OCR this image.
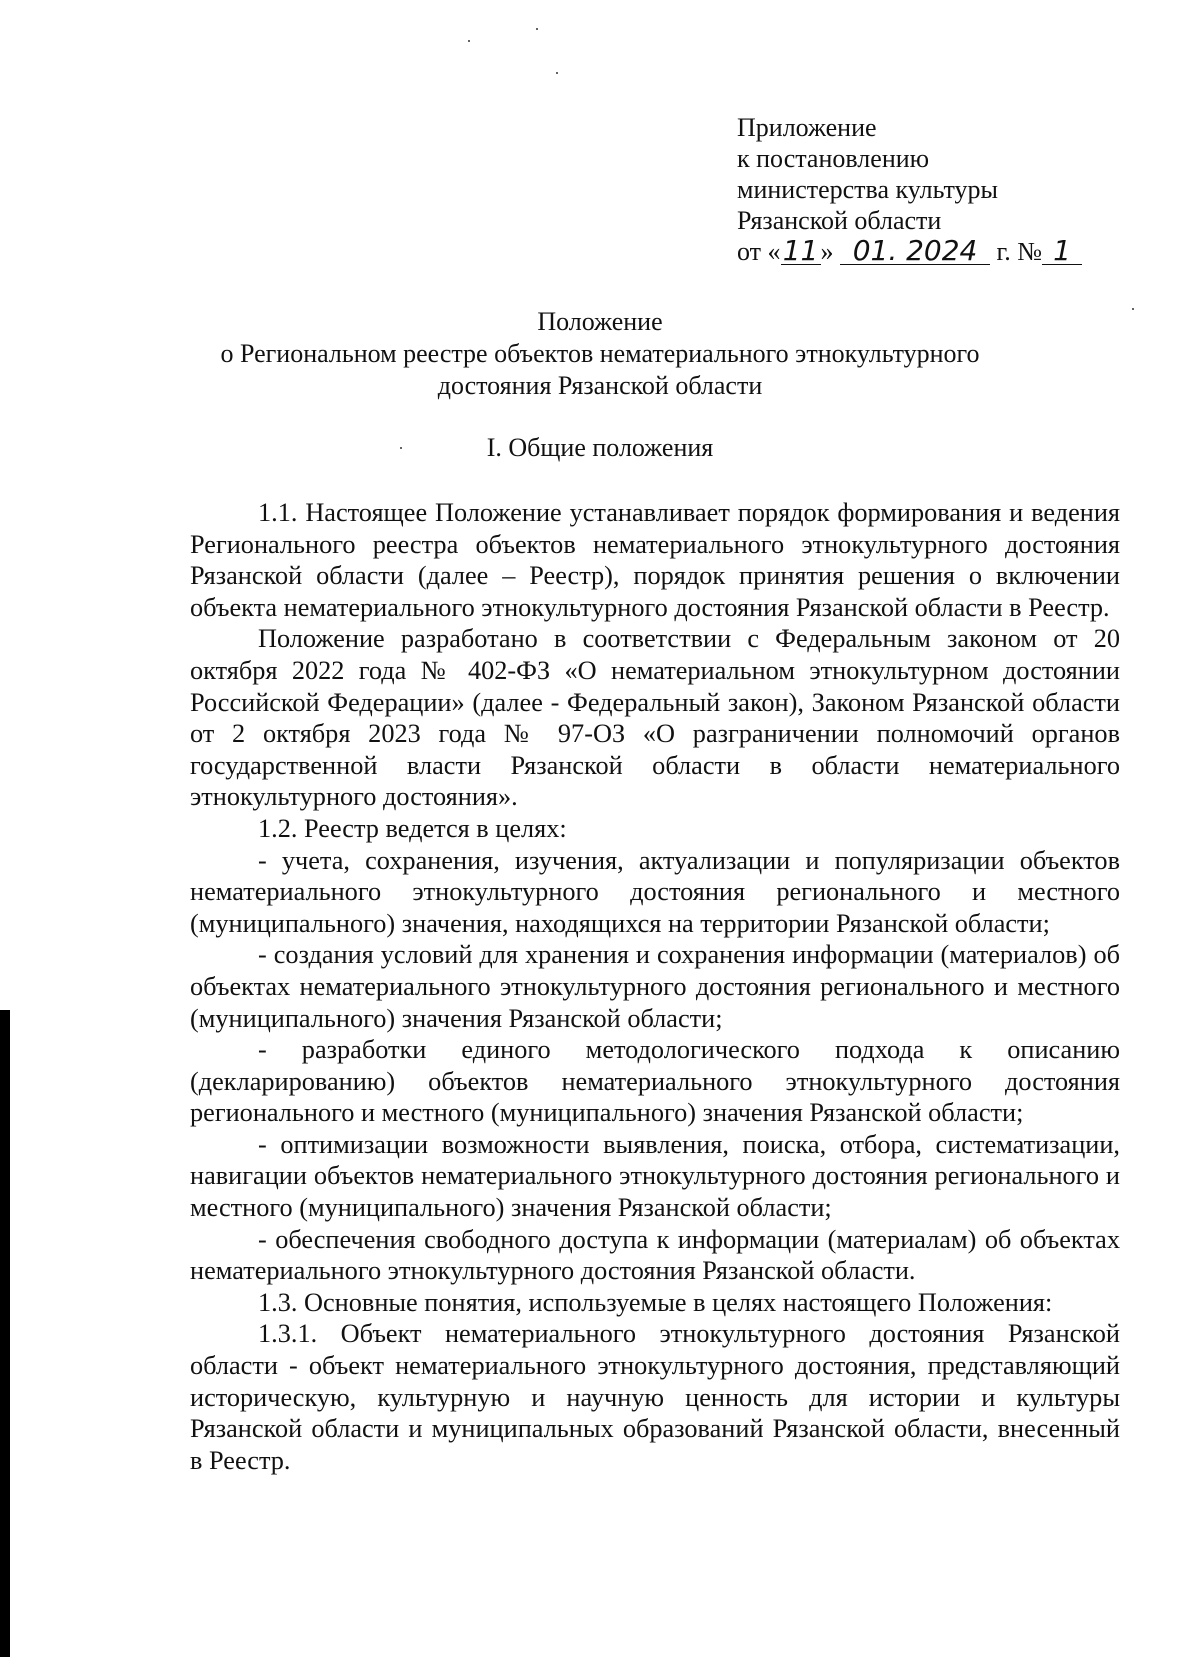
Приложение
к постановлению
министерства культуры
Рязанской области
от «11» 01. 2024 г. № 1
Положение
о Региональном реестре объектов нематериального этнокультурного
достояния Рязанской области
I. Общие положения

1.1. Настоящее Положение устанавливает порядок формирования и ведения Регионального реестра объектов нематериального этнокультурного достояния Рязанской области (далее – Реестр), порядок принятия решения о включении объекта нематериального этнокультурного достояния Рязанской области в Реестр.

Положение разработано в соответствии с Федеральным законом от 20 октября 2022 года № 402-ФЗ «О нематериальном этнокультурном достоянии Российской Федерации» (далее - Федеральный закон), Законом Рязанской области от 2 октября 2023 года № 97-ОЗ «О разграничении полномочий органов государственной власти Рязанской области в области нематериального этнокультурного достояния».

1.2. Реестр ведется в целях:

- учета, сохранения, изучения, актуализации и популяризации объектов нематериального этнокультурного достояния регионального и местного (муниципального) значения, находящихся на территории Рязанской области;

- создания условий для хранения и сохранения информации (материалов) об объектах нематериального этнокультурного достояния регионального и местного (муниципального) значения Рязанской области;

- разработки единого методологического подхода к описанию (декларированию) объектов нематериального этнокультурного достояния регионального и местного (муниципального) значения Рязанской области;

- оптимизации возможности выявления, поиска, отбора, систематизации, навигации объектов нематериального этнокультурного достояния регионального и местного (муниципального) значения Рязанской области;

- обеспечения свободного доступа к информации (материалам) об объектах нематериального этнокультурного достояния Рязанской области.

1.3. Основные понятия, используемые в целях настоящего Положения:

1.3.1. Объект нематериального этнокультурного достояния Рязанской области - объект нематериального этнокультурного достояния, представляющий историческую, культурную и научную ценность для истории и культуры Рязанской области и муниципальных образований Рязанской области, внесенный в Реестр.
